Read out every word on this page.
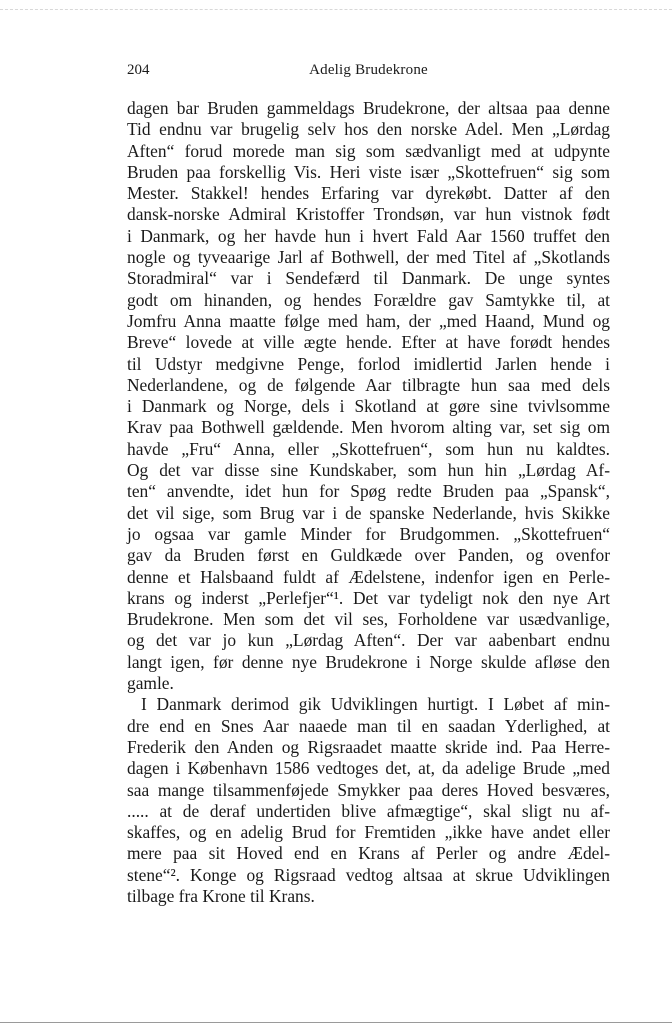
204	Adelig Brudekrone
dagen bar Bruden gammeldags Brudekrone, der altsaa paa denne
Tid endnu var brugelig selv hos den norske Adel. Men „Lørdag
Aften“ forud morede man sig som sædvanligt med at udpynte
Bruden paa forskellig Vis. Heri viste især „Skottefruen“ sig som
Mester. Stakkel! hendes Erfaring var dyrekøbt. Datter af den
dansk-norske Admiral Kristoffer Trondsøn, var hun vistnok født
i Danmark, og her havde hun i hvert Fald Aar 1560 truffet den
nogle og tyveaarige Jarl af Bothwell, der med Titel af „Skotlands
Storadmiral“ var i Sendefærd til Danmark. De unge syntes
godt om hinanden, og hendes Forældre gav Samtykke til, at
Jomfru Anna maatte følge med ham, der „med Haand, Mund og
Breve“ lovede at ville ægte hende. Efter at have forødt hendes
til Udstyr medgivne Penge, forlod imidlertid Jarlen hende i
Nederlandene, og de følgende Aar tilbragte hun saa med dels
i Danmark og Norge, dels i Skotland at gøre sine tvivlsomme
Krav paa Bothwell gældende. Men hvorom alting var, set sig om
havde „Fru“ Anna, eller „Skottefruen“, som hun nu kaldtes.
Og det var disse sine Kundskaber, som hun hin „Lørdag Af-
ten“ anvendte, idet hun for Spøg redte Bruden paa „Spansk“,
det vil sige, som Brug var i de spanske Nederlande, hvis Skikke
jo ogsaa var gamle Minder for Brudgommen. „Skottefruen“
gav da Bruden først en Guldkæde over Panden, og ovenfor
denne et Halsbaand fuldt af Ædelstene, indenfor igen en Perle-
krans og inderst „Perlefjer“¹. Det var tydeligt nok den nye Art
Brudekrone. Men som det vil ses, Forholdene var usædvanlige,
og det var jo kun „Lørdag Aften“. Der var aabenbart endnu
langt igen, før denne nye Brudekrone i Norge skulde afløse den
gamle.
I Danmark derimod gik Udviklingen hurtigt. I Løbet af min-
dre end en Snes Aar naaede man til en saadan Yderlighed, at
Frederik den Anden og Rigsraadet maatte skride ind. Paa Herre-
dagen i København 1586 vedtoges det, at, da adelige Brude „med
saa mange tilsammenføjede Smykker paa deres Hoved besværes,
..... at de deraf undertiden blive afmægtige“, skal sligt nu af-
skaffes, og en adelig Brud for Fremtiden „ikke have andet eller
mere paa sit Hoved end en Krans af Perler og andre Ædel-
stene“². Konge og Rigsraad vedtog altsaa at skrue Udviklingen
tilbage fra Krone til Krans.
